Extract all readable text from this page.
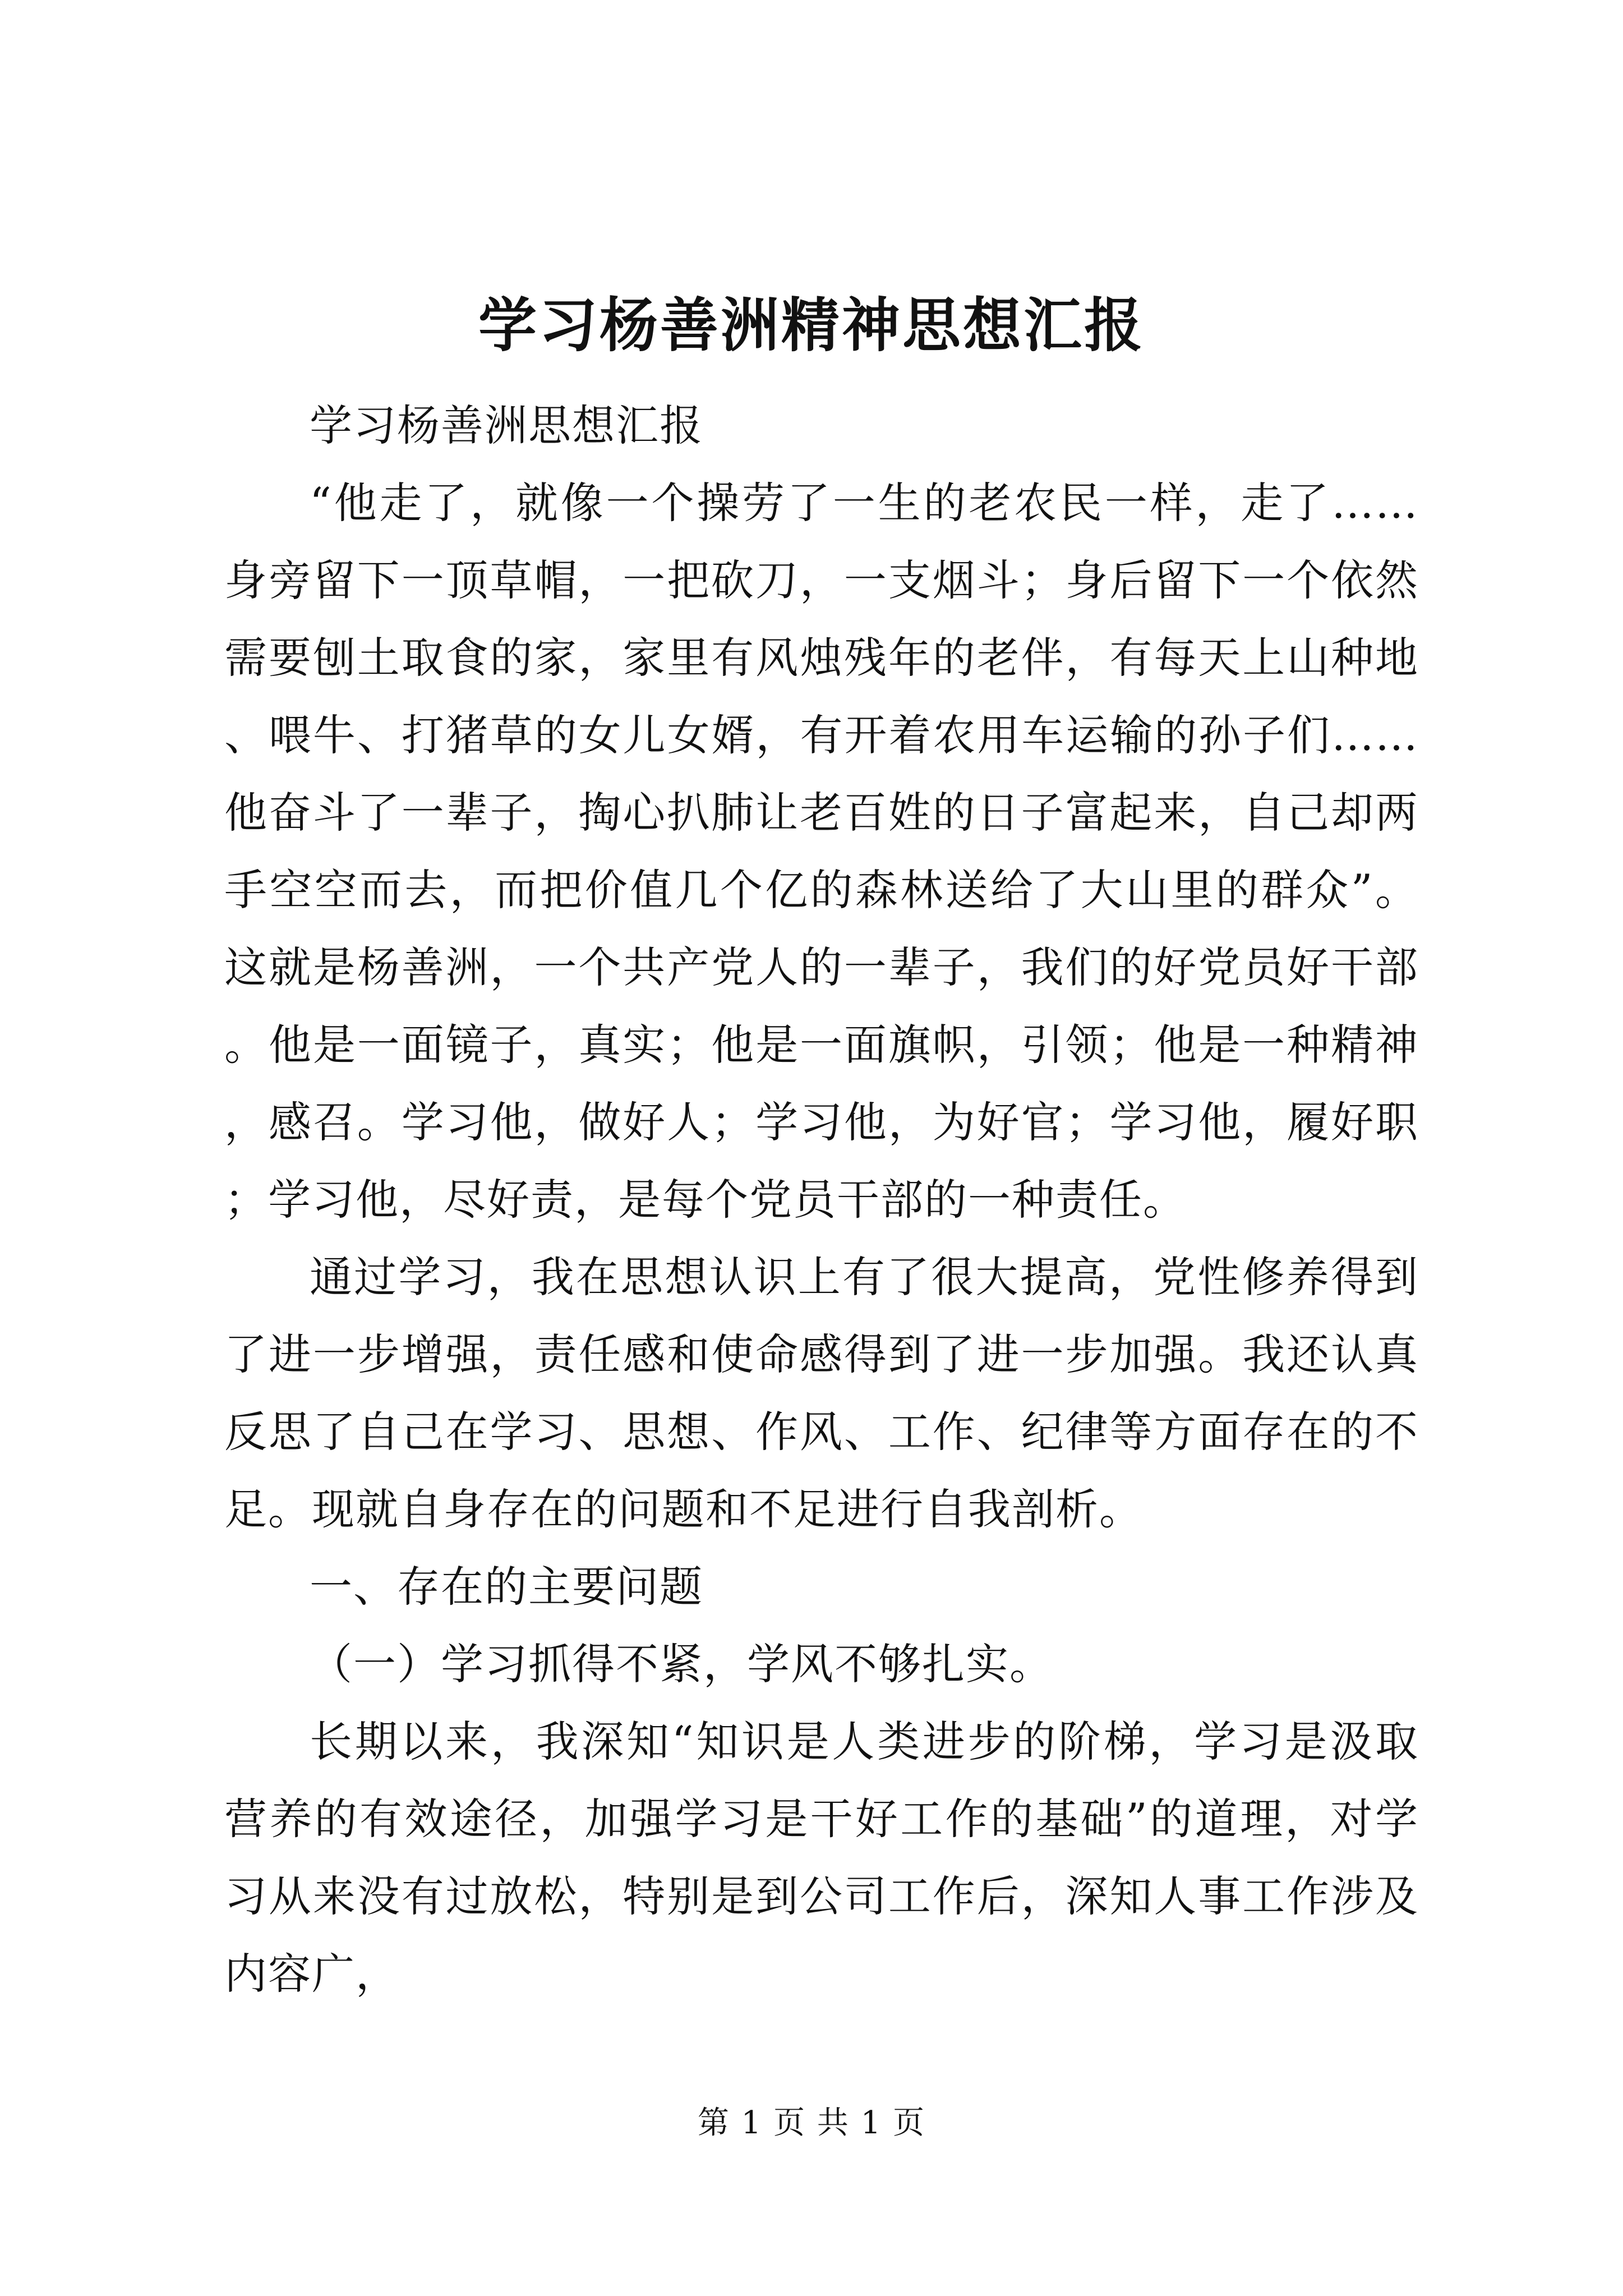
学习杨善洲精神思想汇报

学习杨善洲思想汇报

“他走了，就像一个操劳了一生的老农民一样，走了……身旁留下一顶草帽，一把砍刀，一支烟斗；身后留下一个依然需要刨土取食的家，家里有风烛残年的老伴，有每天上山种地、喂牛、打猪草的女儿女婿，有开着农用车运输的孙子们……他奋斗了一辈子，掏心扒肺让老百姓的日子富起来，自己却两手空空而去，而把价值几个亿的森林送给了大山里的群众”。这就是杨善洲，一个共产党人的一辈子，我们的好党员好干部。他是一面镜子，真实；他是一面旗帜，引领；他是一种精神，感召。学习他，做好人；学习他，为好官；学习他，履好职；学习他，尽好责，是每个党员干部的一种责任。

通过学习，我在思想认识上有了很大提高，党性修养得到了进一步增强，责任感和使命感得到了进一步加强。我还认真反思了自己在学习、思想、作风、工作、纪律等方面存在的不足。现就自身存在的问题和不足进行自我剖析。

一、存在的主要问题

（一）学习抓得不紧，学风不够扎实。

长期以来，我深知“知识是人类进步的阶梯，学习是汲取营养的有效途径，加强学习是干好工作的基础”的道理，对学习从来没有过放松，特别是到公司工作后，深知人事工作涉及内容广，

第 1 页 共 1 页
